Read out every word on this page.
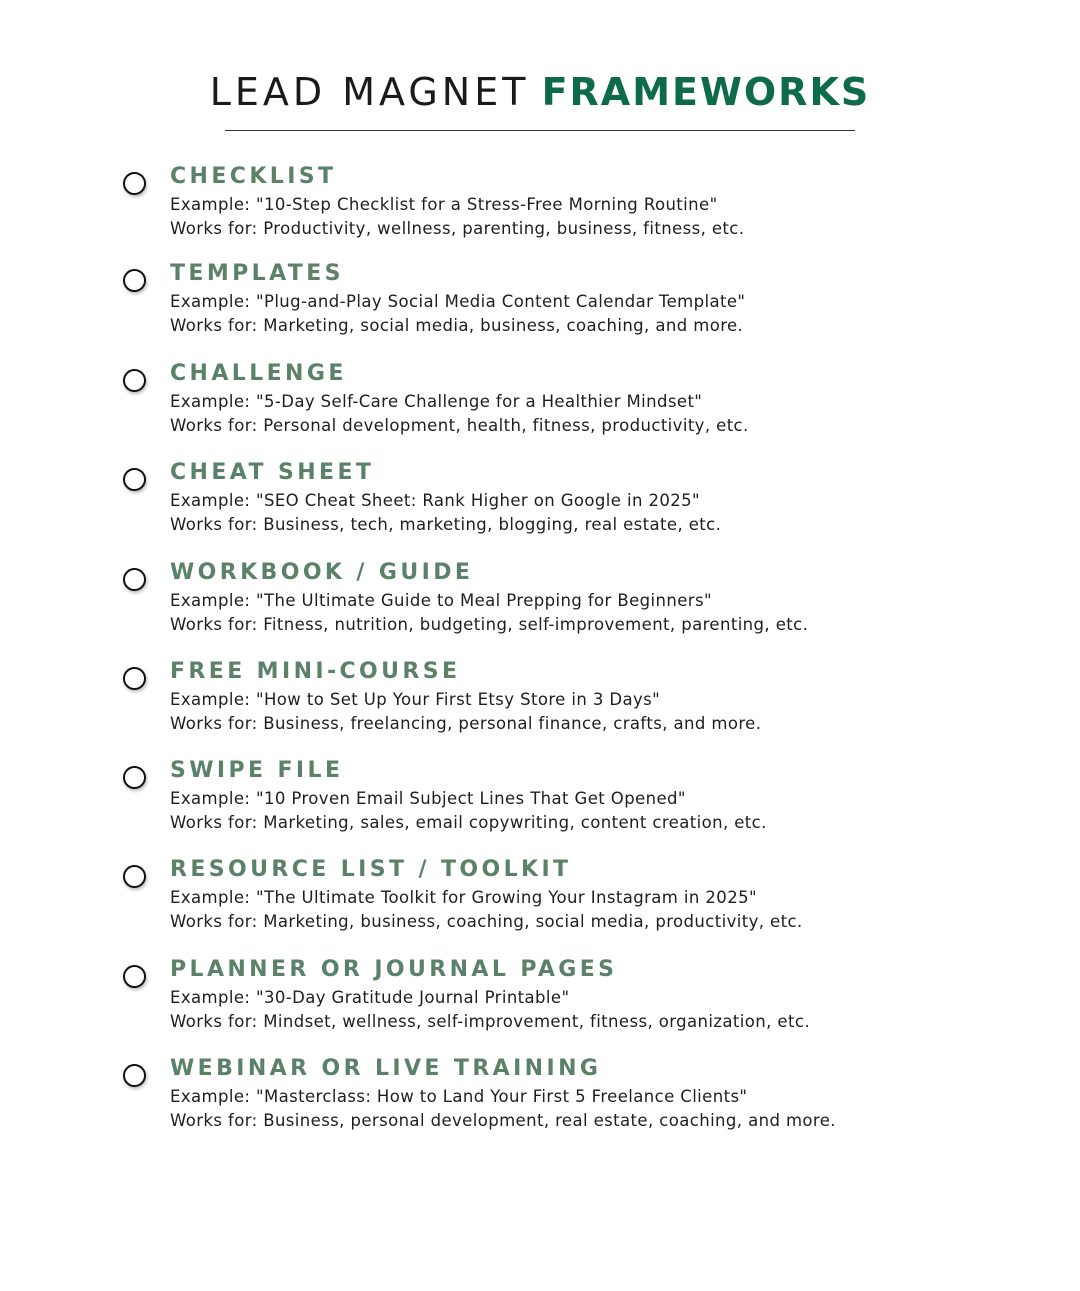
LEAD MAGNET FRAMEWORKS
CHECKLIST
Example: "10-Step Checklist for a Stress-Free Morning Routine"
Works for: Productivity, wellness, parenting, business, fitness, etc.
TEMPLATES
Example: "Plug-and-Play Social Media Content Calendar Template"
Works for: Marketing, social media, business, coaching, and more.
CHALLENGE
Example: "5-Day Self-Care Challenge for a Healthier Mindset"
Works for: Personal development, health, fitness, productivity, etc.
CHEAT SHEET
Example: "SEO Cheat Sheet: Rank Higher on Google in 2025"
Works for: Business, tech, marketing, blogging, real estate, etc.
WORKBOOK / GUIDE
Example: "The Ultimate Guide to Meal Prepping for Beginners"
Works for: Fitness, nutrition, budgeting, self-improvement, parenting, etc.
FREE MINI-COURSE
Example: "How to Set Up Your First Etsy Store in 3 Days"
Works for: Business, freelancing, personal finance, crafts, and more.
SWIPE FILE
Example: "10 Proven Email Subject Lines That Get Opened"
Works for: Marketing, sales, email copywriting, content creation, etc.
RESOURCE LIST / TOOLKIT
Example: "The Ultimate Toolkit for Growing Your Instagram in 2025"
Works for: Marketing, business, coaching, social media, productivity, etc.
PLANNER OR JOURNAL PAGES
Example: "30-Day Gratitude Journal Printable"
Works for: Mindset, wellness, self-improvement, fitness, organization, etc.
WEBINAR OR LIVE TRAINING
Example: "Masterclass: How to Land Your First 5 Freelance Clients"
Works for: Business, personal development, real estate, coaching, and more.
